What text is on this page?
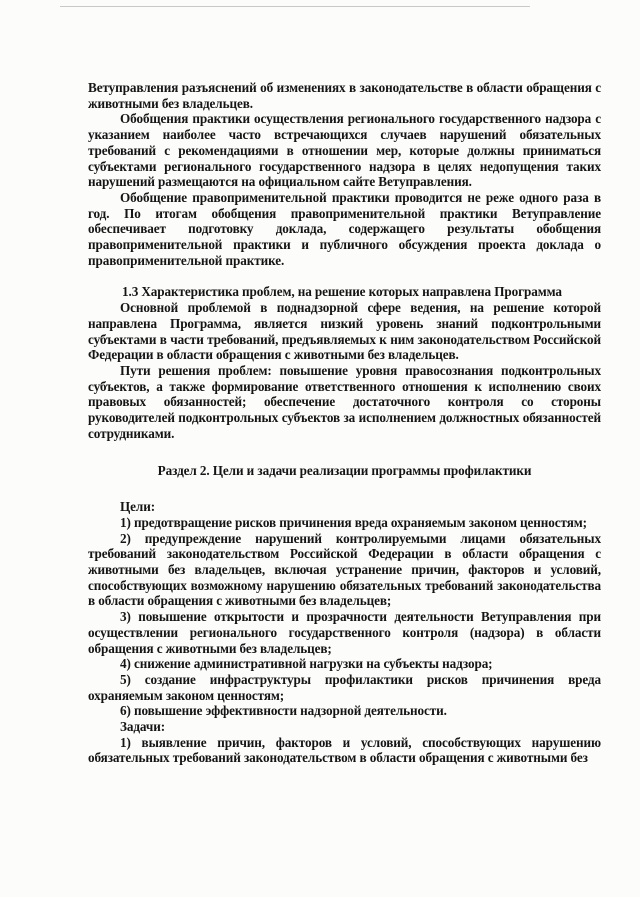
Ветуправления разъяснений об изменениях в законодательстве в области обращения с животными без владельцев.

Обобщения практики осуществления регионального государственного надзора с указанием наиболее часто встречающихся случаев нарушений обязательных требований с рекомендациями в отношении мер, которые должны приниматься субъектами регионального государственного надзора в целях недопущения таких нарушений размещаются на официальном сайте Ветуправления.

Обобщение правоприменительной практики проводится не реже одного раза в год. По итогам обобщения правоприменительной практики Ветуправление обеспечивает подготовку доклада, содержащего результаты обобщения правоприменительной практики и публичного обсуждения проекта доклада о правоприменительной практике.

1.3 Характеристика проблем, на решение которых направлена Программа

Основной проблемой в поднадзорной сфере ведения, на решение которой направлена Программа, является низкий уровень знаний подконтрольными субъектами в части требований, предъявляемых к ним законодательством Российской Федерации в области обращения с животными без владельцев.

Пути решения проблем: повышение уровня правосознания подконтрольных субъектов, а также формирование ответственного отношения к исполнению своих правовых обязанностей; обеспечение достаточного контроля со стороны руководителей подконтрольных субъектов за исполнением должностных обязанностей сотрудниками.

Раздел 2. Цели и задачи реализации программы профилактики

Цели:

1) предотвращение рисков причинения вреда охраняемым законом ценностям;

2) предупреждение нарушений контролируемыми лицами обязательных требований законодательством Российской Федерации в области обращения с животными без владельцев, включая устранение причин, факторов и условий, способствующих возможному нарушению обязательных требований законодательства в области обращения с животными без владельцев;

3) повышение открытости и прозрачности деятельности Ветуправления при осуществлении регионального государственного контроля (надзора) в области обращения с животными без владельцев;

4) снижение административной нагрузки на субъекты надзора;

5) создание инфраструктуры профилактики рисков причинения вреда охраняемым законом ценностям;

6) повышение эффективности надзорной деятельности.

Задачи:

1) выявление причин, факторов и условий, способствующих нарушению обязательных требований законодательством в области обращения с животными без
